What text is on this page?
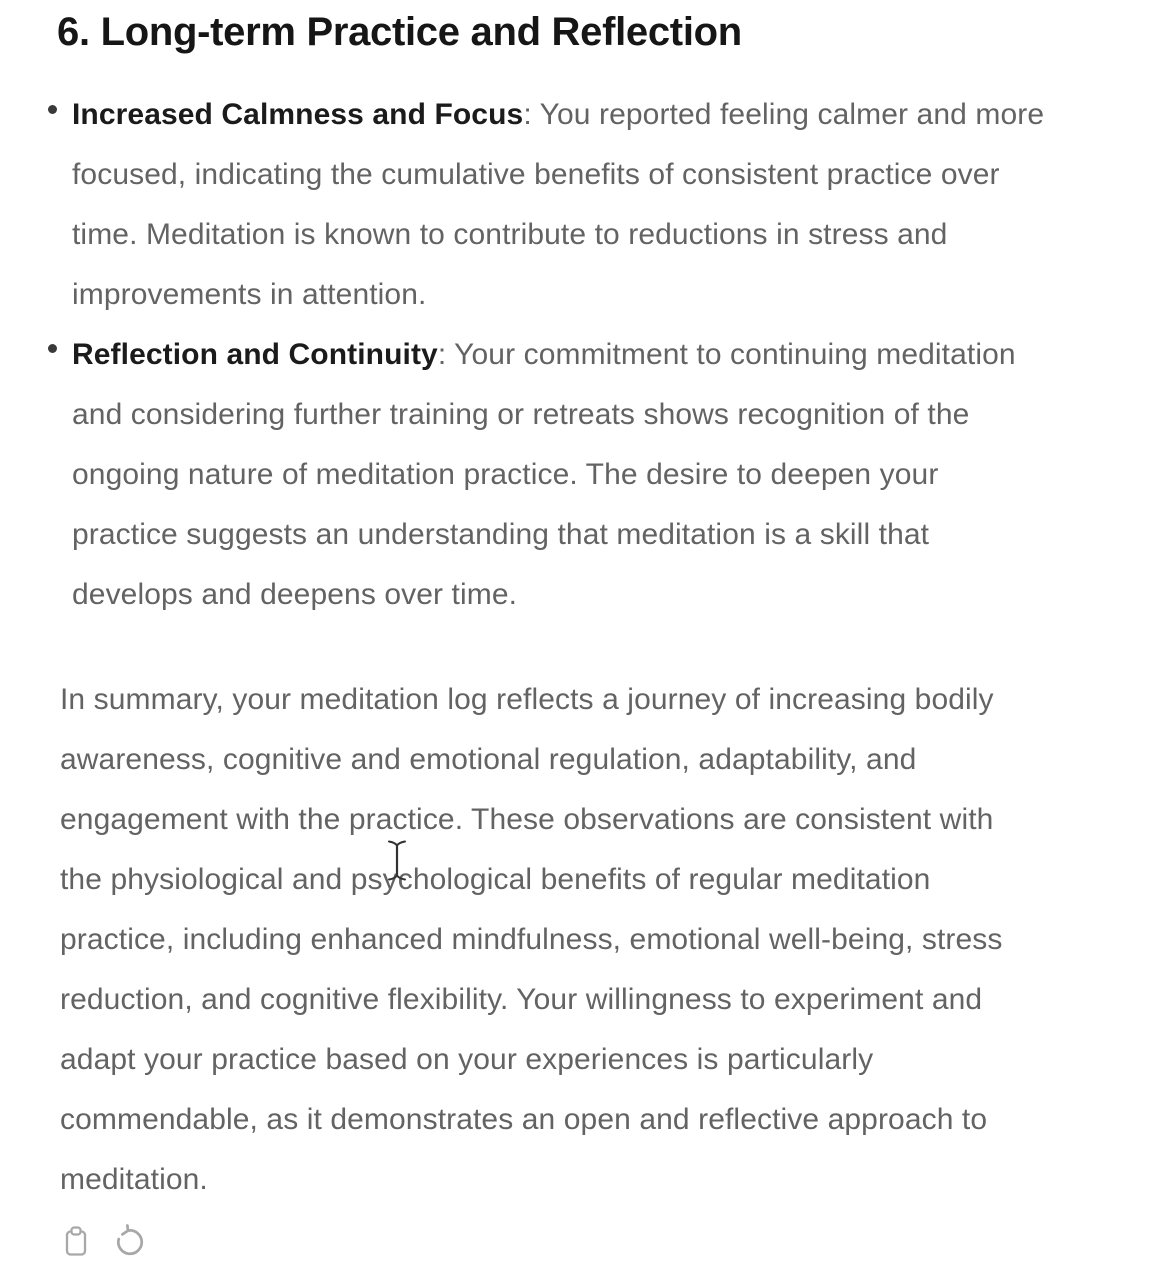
6. Long-term Practice and Reflection
Increased Calmness and Focus: You reported feeling calmer and more
focused, indicating the cumulative benefits of consistent practice over
time. Meditation is known to contribute to reductions in stress and
improvements in attention.
Reflection and Continuity: Your commitment to continuing meditation
and considering further training or retreats shows recognition of the
ongoing nature of meditation practice. The desire to deepen your
practice suggests an understanding that meditation is a skill that
develops and deepens over time.
In summary, your meditation log reflects a journey of increasing bodily
awareness, cognitive and emotional regulation, adaptability, and
engagement with the practice. These observations are consistent with
the physiological and psychological benefits of regular meditation
practice, including enhanced mindfulness, emotional well-being, stress
reduction, and cognitive flexibility. Your willingness to experiment and
adapt your practice based on your experiences is particularly
commendable, as it demonstrates an open and reflective approach to
meditation.
